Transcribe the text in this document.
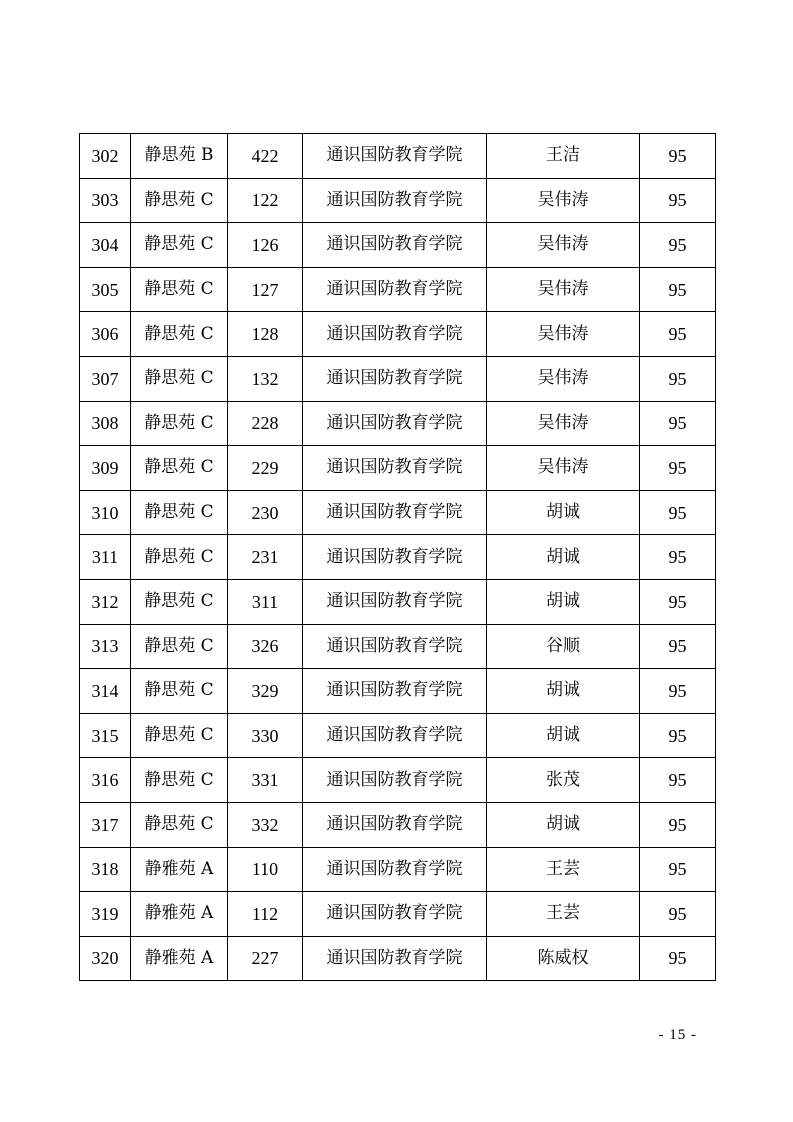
302	静思苑 B	422	通识国防教育学院	王洁	95
303	静思苑 C	122	通识国防教育学院	吴伟涛	95
304	静思苑 C	126	通识国防教育学院	吴伟涛	95
305	静思苑 C	127	通识国防教育学院	吴伟涛	95
306	静思苑 C	128	通识国防教育学院	吴伟涛	95
307	静思苑 C	132	通识国防教育学院	吴伟涛	95
308	静思苑 C	228	通识国防教育学院	吴伟涛	95
309	静思苑 C	229	通识国防教育学院	吴伟涛	95
310	静思苑 C	230	通识国防教育学院	胡诚	95
311	静思苑 C	231	通识国防教育学院	胡诚	95
312	静思苑 C	311	通识国防教育学院	胡诚	95
313	静思苑 C	326	通识国防教育学院	谷顺	95
314	静思苑 C	329	通识国防教育学院	胡诚	95
315	静思苑 C	330	通识国防教育学院	胡诚	95
316	静思苑 C	331	通识国防教育学院	张茂	95
317	静思苑 C	332	通识国防教育学院	胡诚	95
318	静雅苑 A	110	通识国防教育学院	王芸	95
319	静雅苑 A	112	通识国防教育学院	王芸	95
320	静雅苑 A	227	通识国防教育学院	陈威权	95
- 15 -
